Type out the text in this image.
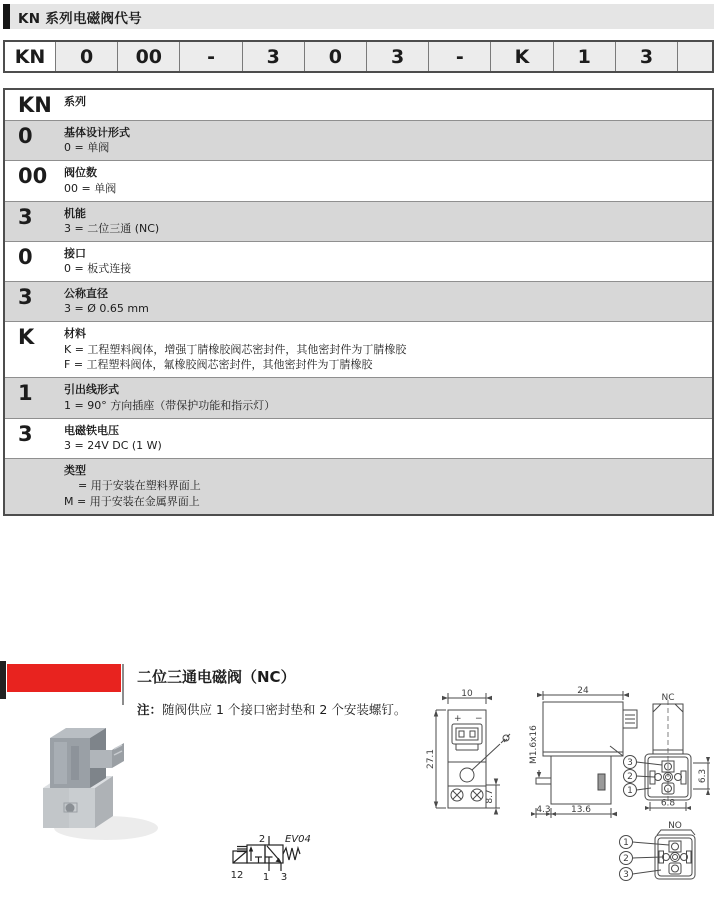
KN 系列电磁阀代号
KN	0	00	-	3	0	3	-	K	1	3
KN	系列
0	基体设计形式
0 = 单阀
00	阀位数
00 = 单阀
3	机能
3 = 二位三通 (NC)
0	接口
0 = 板式连接
3	公称直径
3 = Ø 0.65 mm
K	材料
K = 工程塑料阀体，增强丁腈橡胶阀芯密封件，其他密封件为丁腈橡胶
F = 工程塑料阀体，氟橡胶阀芯密封件，其他密封件为丁腈橡胶
1	引出线形式
1 = 90° 方向插座（带保护功能和指示灯）
3	电磁铁电压
3 = 24V DC (1 W)
类型
= 用于安装在塑料界面上
M = 用于安装在金属界面上
二位三通电磁阀（NC）

注：随阀供应 1 个接口密封垫和 2 个安装螺钉。

2 EV04
12 1 3
10
27.1
8.7
+ −
24
M1.6x16
4.3 13.6
NC
3
2
1
6.8
6.3
NO
1
2
3
